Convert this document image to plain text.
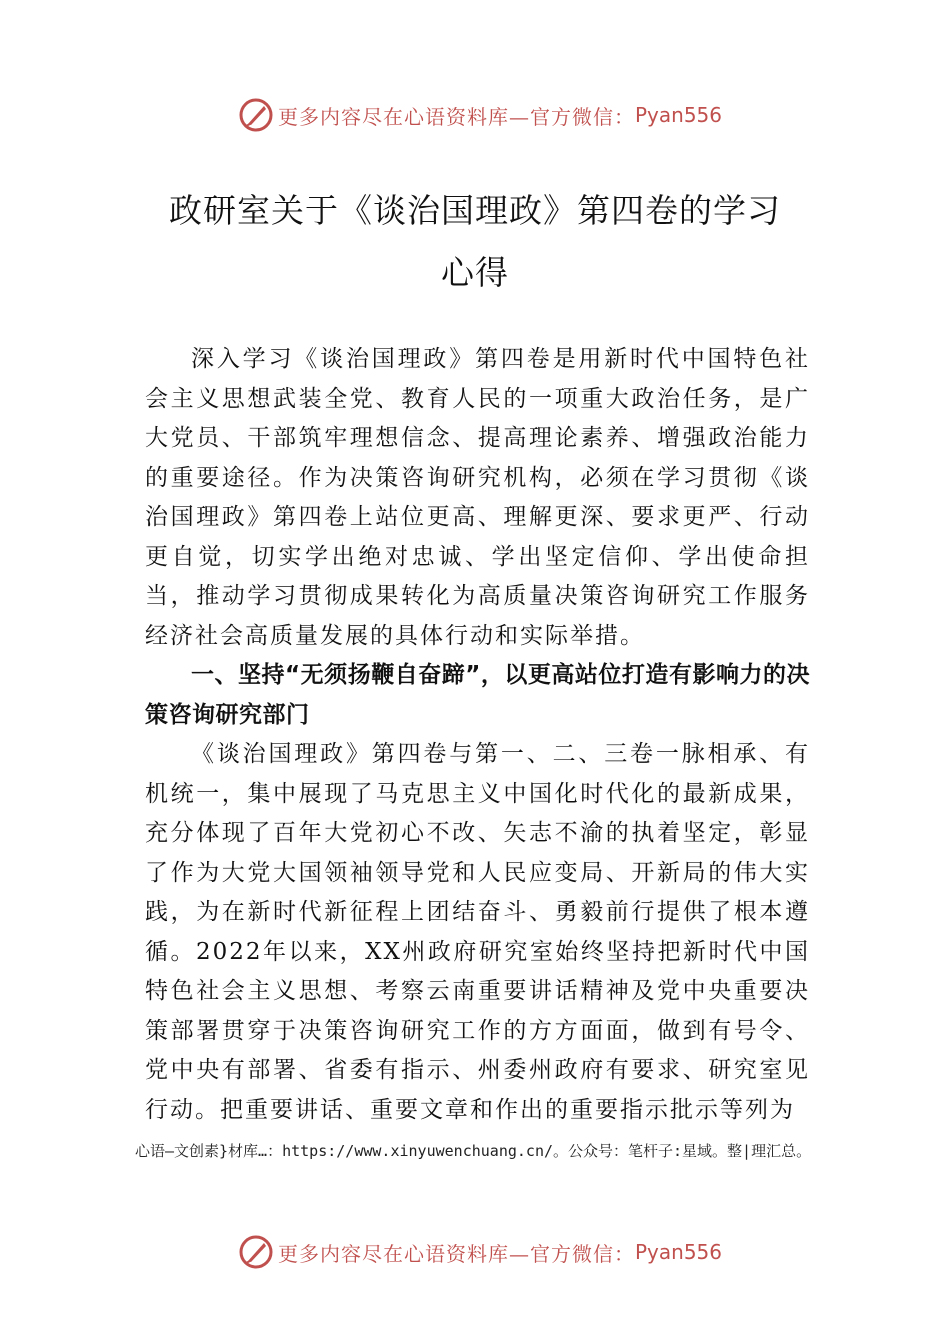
更多内容尽在心语资料库—官方微信： Pyan556
政研室关于《谈治国理政》第四卷的学习
心得

深入学习《谈治国理政》第四卷是用新时代中国特色社会主义思想武装全党、教育人民的一项重大政治任务，是广大党员、干部筑牢理想信念、提高理论素养、增强政治能力的重要途径。作为决策咨询研究机构，必须在学习贯彻《谈治国理政》第四卷上站位更高、理解更深、要求更严、行动更自觉，切实学出绝对忠诚、学出坚定信仰、学出使命担当，推动学习贯彻成果转化为高质量决策咨询研究工作服务经济社会高质量发展的具体行动和实际举措。

一、坚持“无须扬鞭自奋蹄”，以更高站位打造有影响力的决策咨询研究部门

《谈治国理政》第四卷与第一、二、三卷一脉相承、有机统一，集中展现了马克思主义中国化时代化的最新成果，充分体现了百年大党初心不改、矢志不渝的执着坚定，彰显了作为大党大国领袖领导党和人民应变局、开新局的伟大实践，为在新时代新征程上团结奋斗、勇毅前行提供了根本遵循。2022年以来，XX州政府研究室始终坚持把新时代中国特色社会主义思想、考察云南重要讲话精神及党中央重要决策部署贯穿于决策咨询研究工作的方方面面，做到有号令、党中央有部署、省委有指示、州委州政府有要求、研究室见行动。把重要讲话、重要文章和作出的重要指示批示等列为

心语—文创素}材库…：https://www.xinyuwenchuang.cn/。公众号：笔杆子:星域。整|理汇总。
更多内容尽在心语资料库—官方微信： Pyan556
